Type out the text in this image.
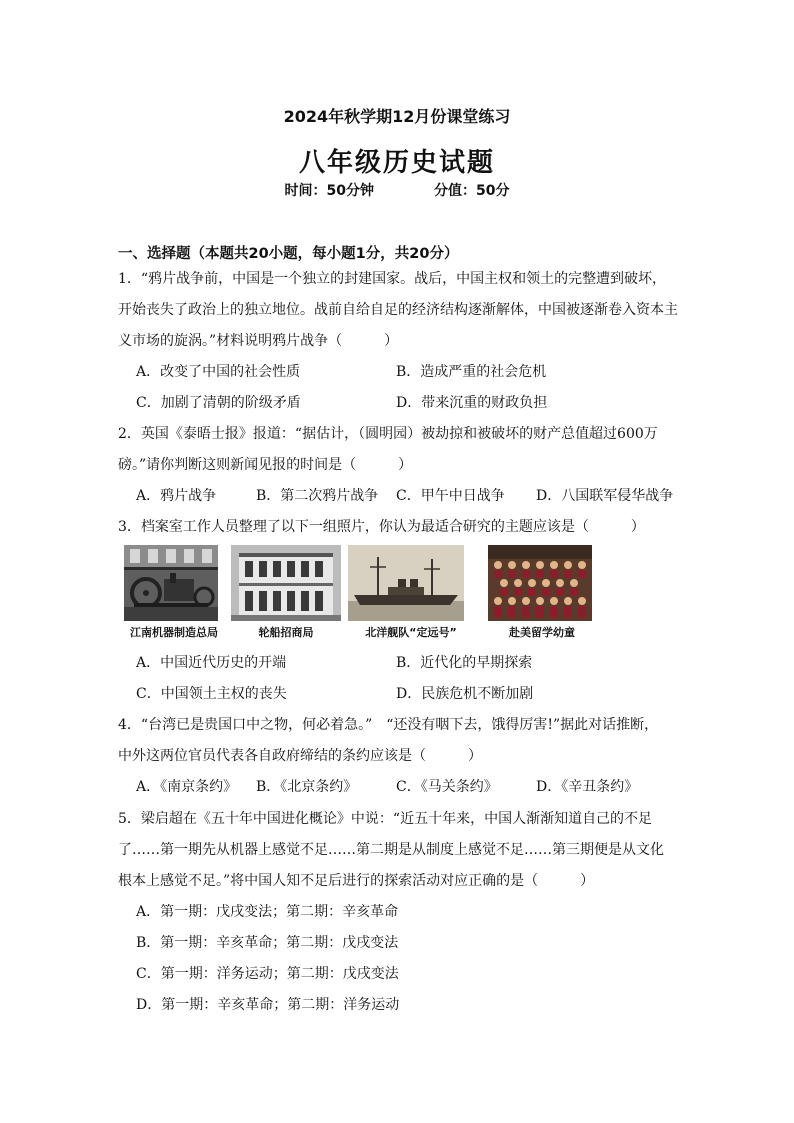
2024年秋学期12月份课堂练习
八年级历史试题
时间：50分钟	分值：50分
一、选择题（本题共20小题，每小题1分，共20分）
1．“鸦片战争前，中国是一个独立的封建国家。战后，中国主权和领土的完整遭到破坏，
开始丧失了政治上的独立地位。战前自给自足的经济结构逐渐解体，中国被逐渐卷入资本主
义市场的旋涡。”材料说明鸦片战争（　　　）
A．改变了中国的社会性质	B．造成严重的社会危机
C．加剧了清朝的阶级矛盾	D．带来沉重的财政负担
2．英国《泰晤士报》报道：“据估计，（圆明园）被劫掠和被破坏的财产总值超过600万
磅。”请你判断这则新闻见报的时间是（　　　）
A．鸦片战争	B．第二次鸦片战争 C．甲午中日战争 D．八国联军侵华战争
3．档案室工作人员整理了以下一组照片，你认为最适合研究的主题应该是（　　　）
江南机器制造总局	轮船招商局	北洋舰队“定远号”	赴美留学幼童
A．中国近代历史的开端	B．近代化的早期探索
C．中国领土主权的丧失	D．民族危机不断加剧
4．“台湾已是贵国口中之物，何必着急。”　“还没有咽下去，饿得厉害!”据此对话推断，
中外这两位官员代表各自政府缔结的条约应该是（　　　）
A．《南京条约》 B．《北京条约》	C．《马关条约》	D．《辛丑条约》
5．梁启超在《五十年中国进化概论》中说：“近五十年来，中国人渐渐知道自己的不足
了……第一期先从机器上感觉不足……第二期是从制度上感觉不足……第三期便是从文化
根本上感觉不足。”将中国人知不足后进行的探索活动对应正确的是（　　　）
A．第一期：戊戌变法；第二期：辛亥革命
B．第一期：辛亥革命；第二期：戊戌变法
C．第一期：洋务运动；第二期：戊戌变法
D．第一期：辛亥革命；第二期：洋务运动
